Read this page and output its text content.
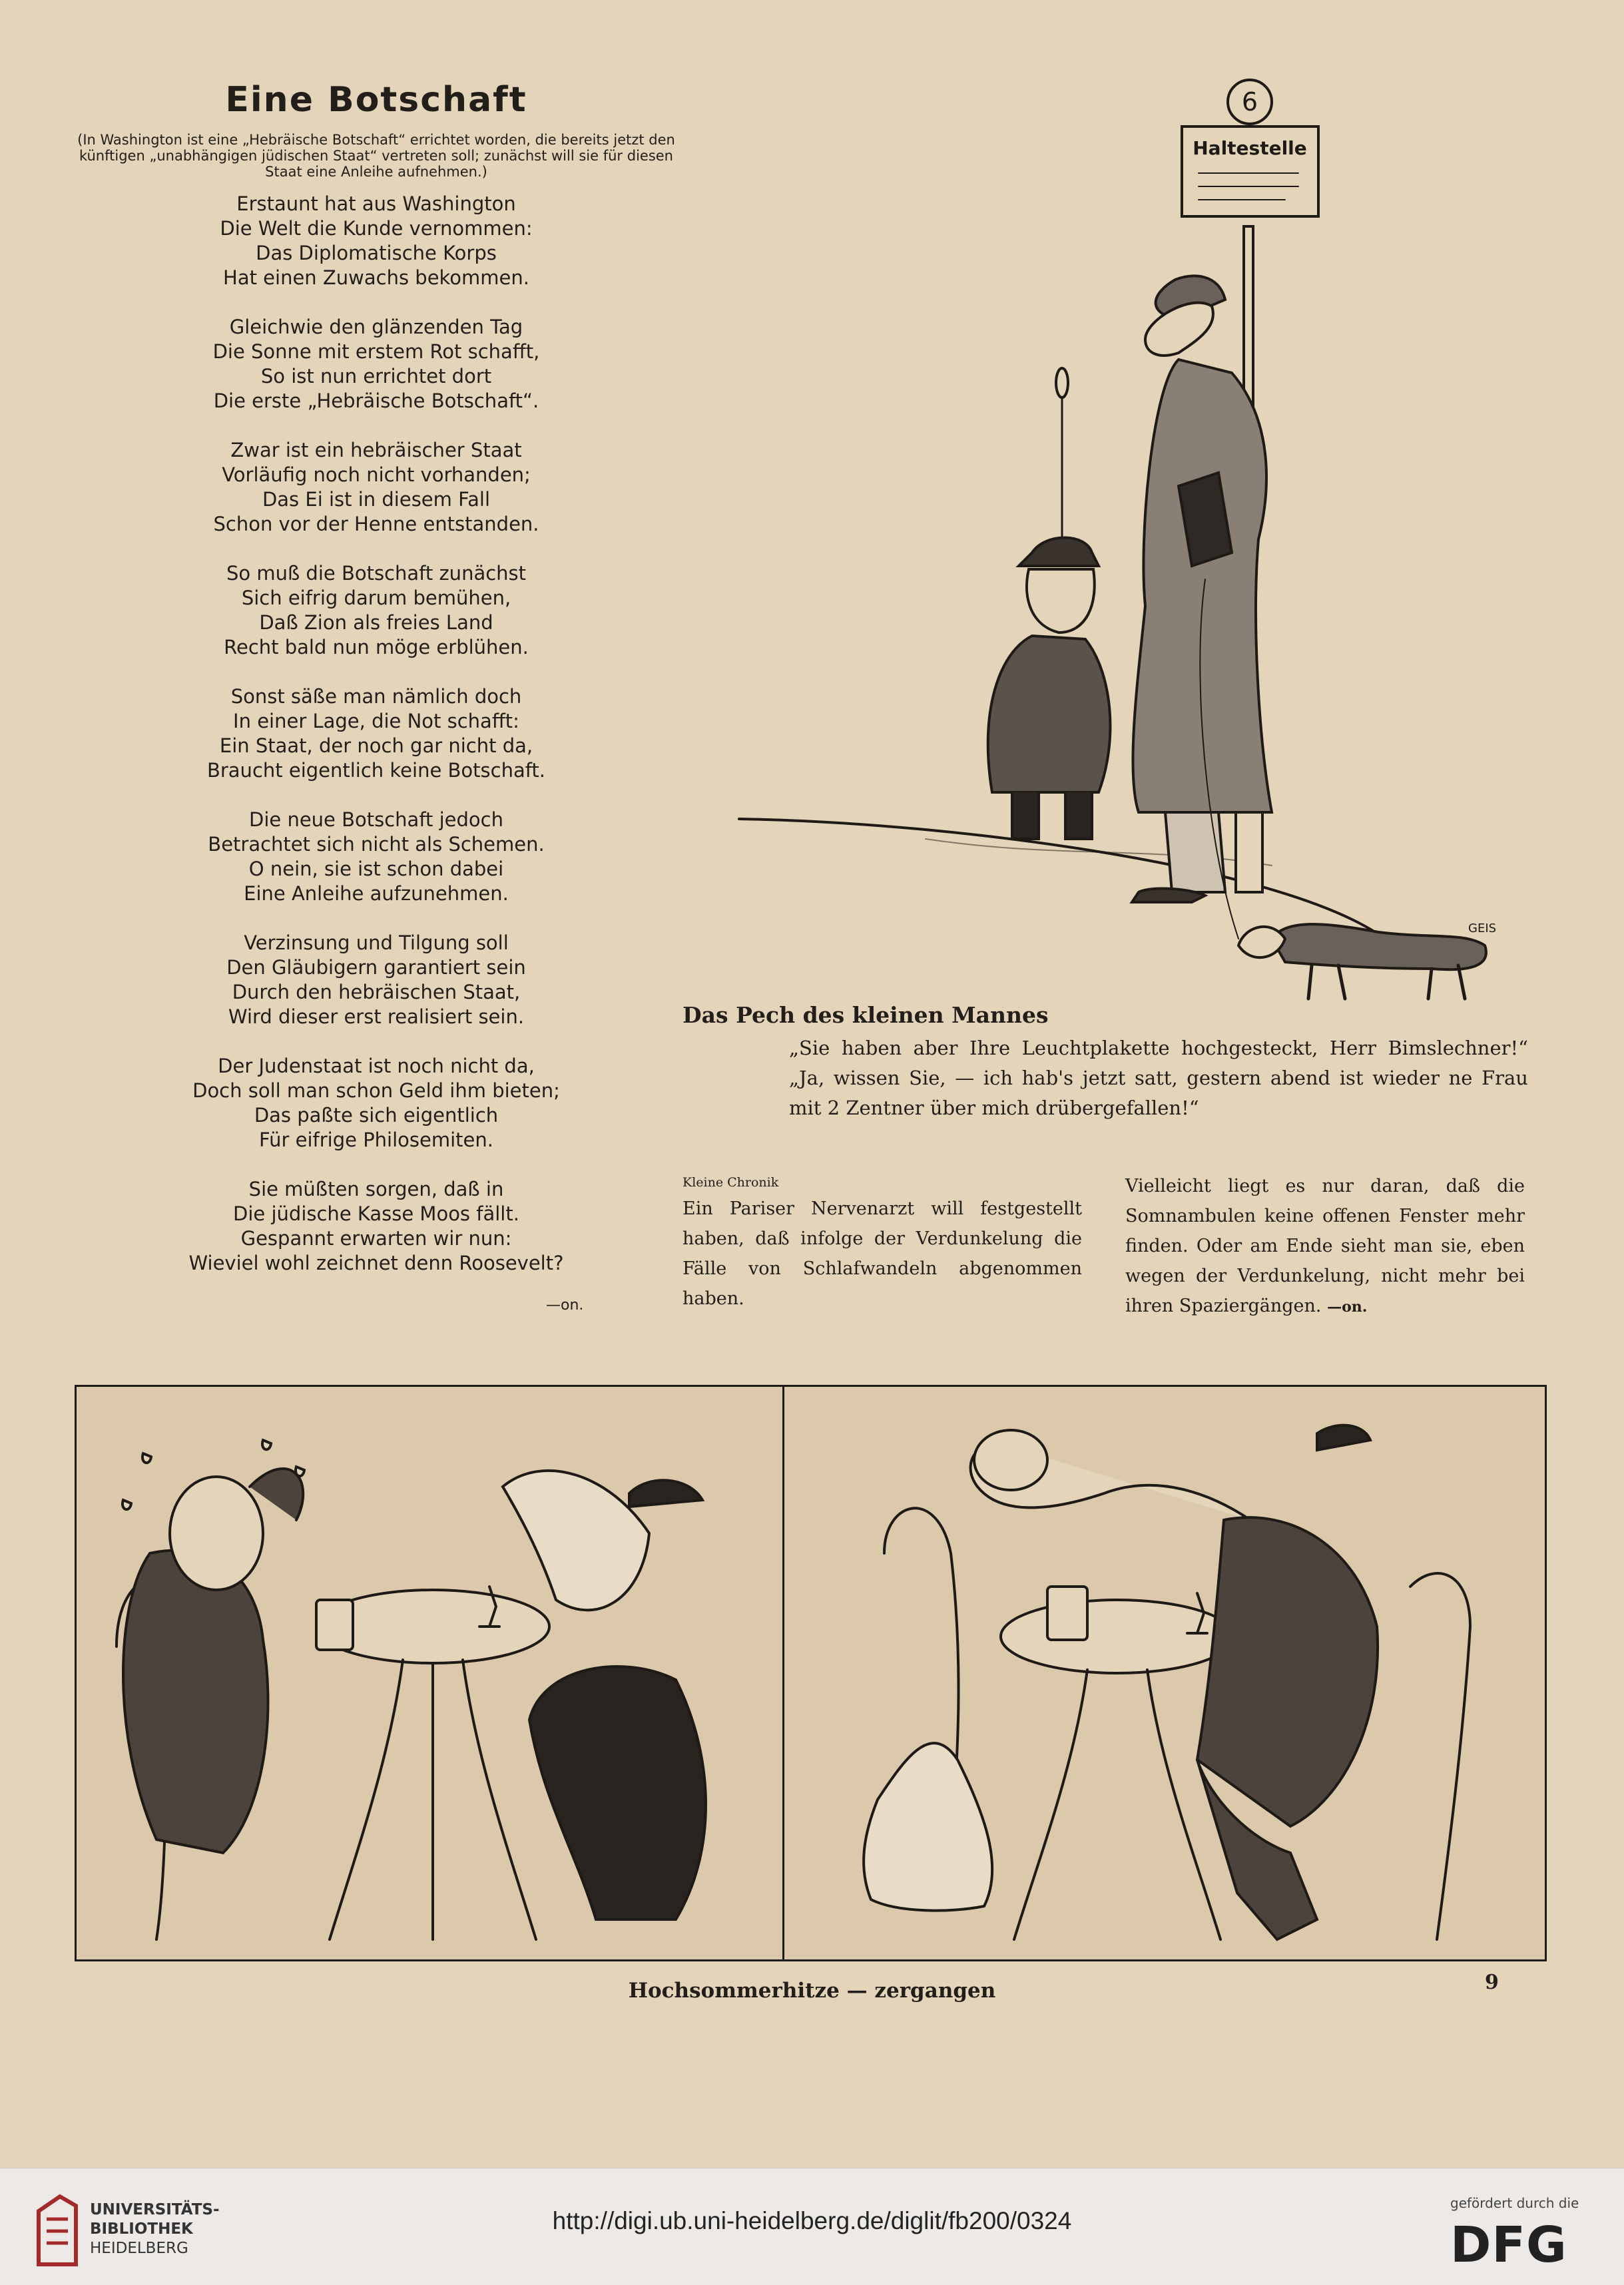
Eine Botschaft

(In Washington ist eine „Hebräische Botschaft“ errichtet worden, die bereits jetzt den künftigen „unabhängigen jüdischen Staat“ vertreten soll; zunächst will sie für diesen Staat eine Anleihe aufnehmen.)

Erstaunt hat aus Washington
Die Welt die Kunde vernommen:
Das Diplomatische Korps
Hat einen Zuwachs bekommen.
Gleichwie den glänzenden Tag
Die Sonne mit erstem Rot schafft,
So ist nun errichtet dort
Die erste „Hebräische Botschaft“.
Zwar ist ein hebräischer Staat
Vorläufig noch nicht vorhanden;
Das Ei ist in diesem Fall
Schon vor der Henne entstanden.
So muß die Botschaft zunächst
Sich eifrig darum bemühen,
Daß Zion als freies Land
Recht bald nun möge erblühen.
Sonst säße man nämlich doch
In einer Lage, die Not schafft:
Ein Staat, der noch gar nicht da,
Braucht eigentlich keine Botschaft.
Die neue Botschaft jedoch
Betrachtet sich nicht als Schemen.
O nein, sie ist schon dabei
Eine Anleihe aufzunehmen.
Verzinsung und Tilgung soll
Den Gläubigern garantiert sein
Durch den hebräischen Staat,
Wird dieser erst realisiert sein.
Der Judenstaat ist noch nicht da,
Doch soll man schon Geld ihm bieten;
Das paßte sich eigentlich
Für eifrige Philosemiten.
Sie müßten sorgen, daß in
Die jüdische Kasse Moos fällt.
Gespannt erwarten wir nun:
Wieviel wohl zeichnet denn Roosevelt?
—on.
6
Haltestelle
GEIS
Das Pech des kleinen Mannes
„Sie haben aber Ihre Leuchtplakette hochgesteckt, Herr Bimslechner!“ „Ja, wissen Sie, — ich hab's jetzt satt, gestern abend ist wieder ne Frau mit 2 Zentner über mich drübergefallen!“
Kleine Chronik
Ein Pariser Nervenarzt will festgestellt haben, daß infolge der Verdunkelung die Fälle von Schlafwandeln abgenommen haben.
Vielleicht liegt es nur daran, daß die Somnambulen keine offenen Fenster mehr finden. Oder am Ende sieht man sie, eben wegen der Verdunkelung, nicht mehr bei ihren Spaziergängen. —on.
Hochsommerhitze — zergangen	9
UNIVERSITÄTS-
BIBLIOTHEK
HEIDELBERG
http://digi.ub.uni-heidelberg.de/diglit/fb200/0324
gefördert durch die
DFG
